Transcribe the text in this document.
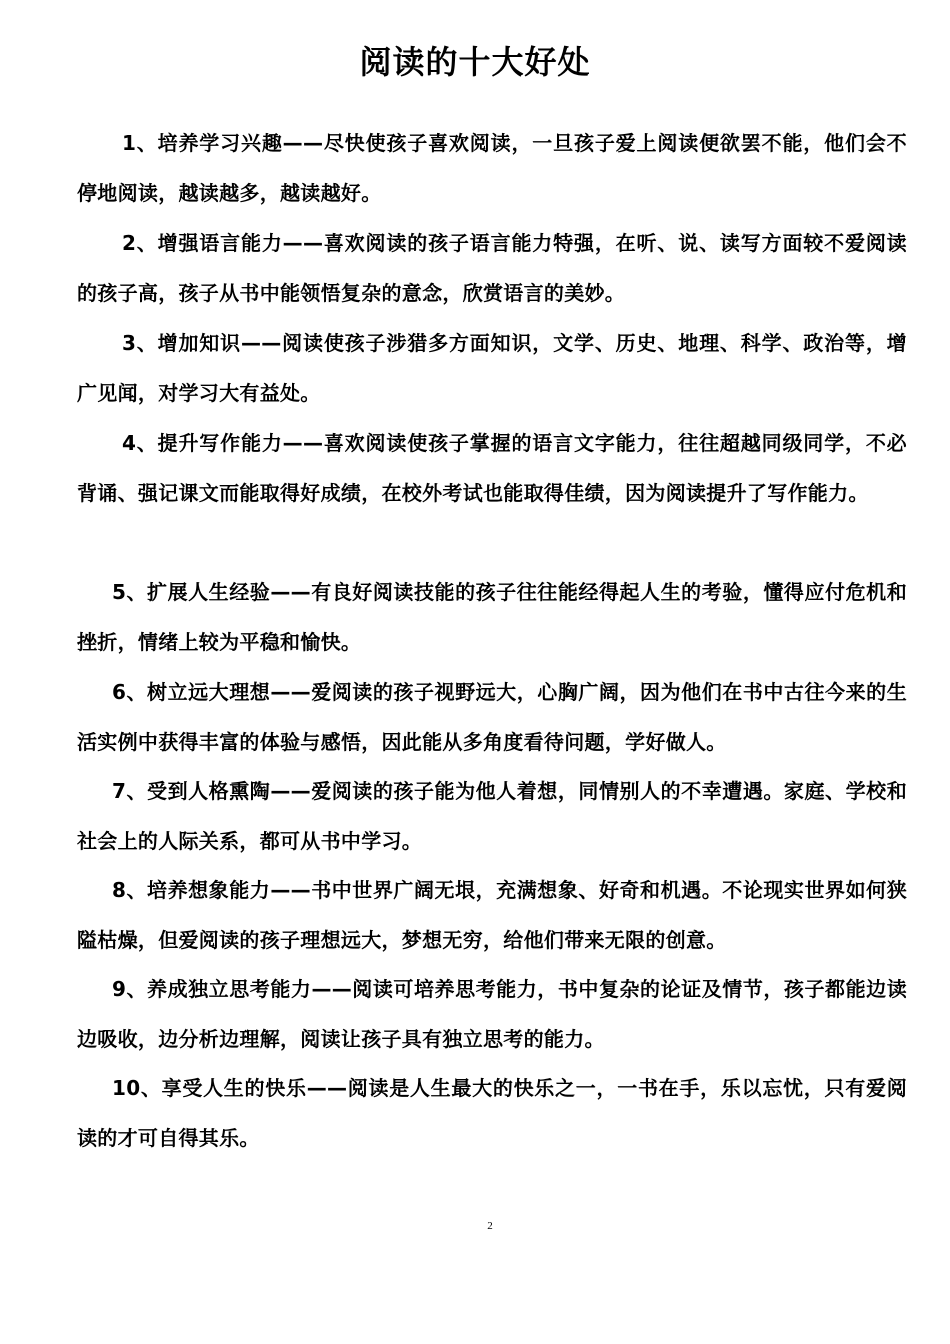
阅读的十大好处
1、培养学习兴趣——尽快使孩子喜欢阅读，一旦孩子爱上阅读便欲罢不能，他们会不停地阅读，越读越多，越读越好。
2、增强语言能力——喜欢阅读的孩子语言能力特强，在听、说、读写方面较不爱阅读的孩子高，孩子从书中能领悟复杂的意念，欣赏语言的美妙。
3、增加知识——阅读使孩子涉猎多方面知识，文学、历史、地理、科学、政治等，增广见闻，对学习大有益处。
4、提升写作能力——喜欢阅读使孩子掌握的语言文字能力，往往超越同级同学，不必背诵、强记课文而能取得好成绩，在校外考试也能取得佳绩，因为阅读提升了写作能力。
5、扩展人生经验——有良好阅读技能的孩子往往能经得起人生的考验，懂得应付危机和挫折，情绪上较为平稳和愉快。
6、树立远大理想——爱阅读的孩子视野远大，心胸广阔，因为他们在书中古往今来的生活实例中获得丰富的体验与感悟，因此能从多角度看待问题，学好做人。
7、受到人格熏陶——爱阅读的孩子能为他人着想，同情别人的不幸遭遇。家庭、学校和社会上的人际关系，都可从书中学习。
8、培养想象能力——书中世界广阔无垠，充满想象、好奇和机遇。不论现实世界如何狭隘枯燥，但爱阅读的孩子理想远大，梦想无穷，给他们带来无限的创意。
9、养成独立思考能力——阅读可培养思考能力，书中复杂的论证及情节，孩子都能边读边吸收，边分析边理解，阅读让孩子具有独立思考的能力。
10、享受人生的快乐——阅读是人生最大的快乐之一，一书在手，乐以忘忧，只有爱阅读的才可自得其乐。
2
